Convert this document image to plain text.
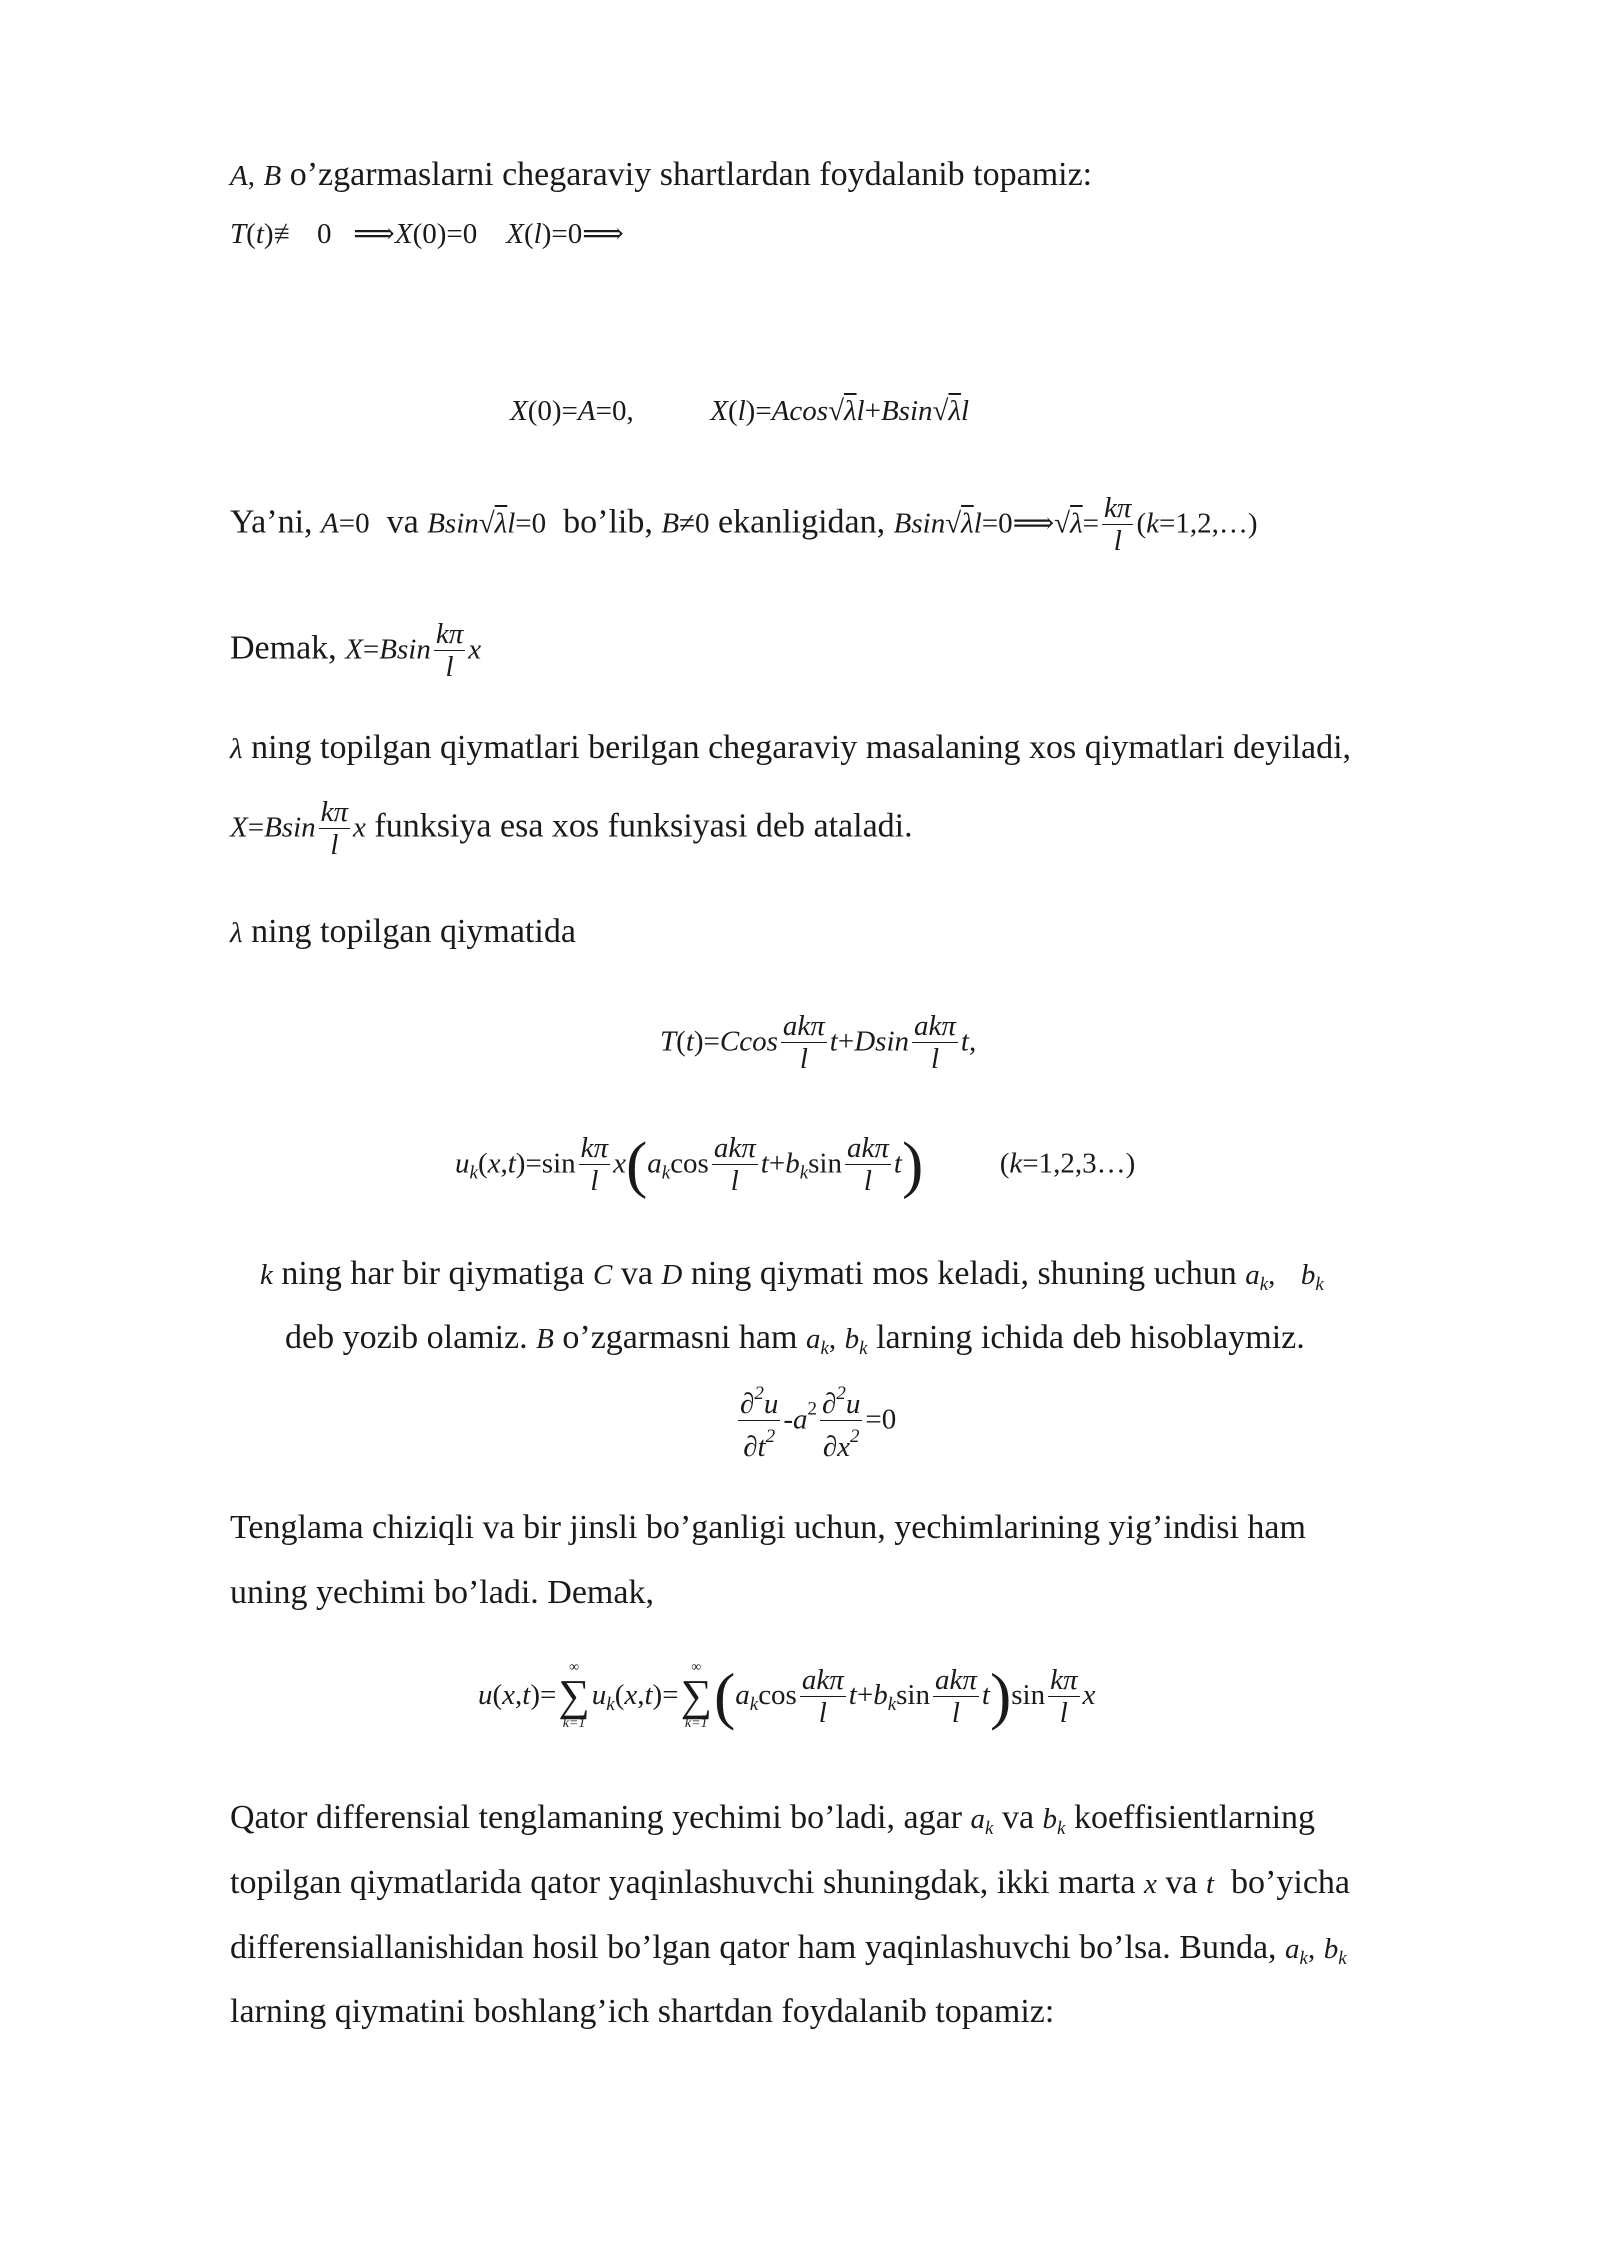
A, B o’zgarmaslarni chegaraviy shartlardan foydalanib topamiz:
T(t)≢  0   ⟹X(0)=0    X(l)=0⟹
X(0)=A=0,	X(l)=Acos√λl+Bsin√λl
Ya’ni, A=0 va Bsin√λl=0 bo’lib, B≠0 ekanligidan, Bsin√λl=0⟹√λ= $\frac{k\pi}{l}$ (k=1,2,…)
Demak, $X=Bsin \frac{k\pi}{l}$ x
λ ning topilgan qiymatlari berilgan chegaraviy masalaning xos qiymatlari deyiladi,
$X=Bsin \frac{k\pi}{l}$ x funksiya esa xos funksiyasi deb ataladi.
λ ning topilgan qiymatida
$T(t)=Ccos \frac{\text{akπ}}{l} t+Dsin \frac{\text{akπ}}{l} t$,
$uk(x,t)=\sin \frac{k\pi}{l} x(akcos \frac{\text{akπ}}{l} t+bksin \frac{\text{akπ}}{l} t)$	(k=1,2,3…)
k ning har bir qiymatiga C va D ning qiymati mos keladi, shuning uchun ak, bk
deb yozib olamiz. B o’zgarmasni ham ak, bk larning ichida deb hisoblaymiz.
$\frac{\partial^2u}{\partial t^2} -a^2 \frac{\partial^2u}{\partial x^2} =0$
Tenglama chiziqli va bir jinsli bo’ganligi uchun, yechimlarining yig’indisi ham
uning yechimi bo’ladi. Demak,
u(x,t)=∞
∑
k=1
uk(x,t)=∞
∑
k=1 $(akcos \frac{\text{akπ}}{l} t+bksin \frac{\text{akπ}}{l} t)\sin \frac{k\pi}{l}$ x
Qator differensial tenglamaning yechimi bo’ladi, agar ak va bk koeffisientlarning
topilgan qiymatlarida qator yaqinlashuvchi shuningdak, ikki marta x va t bo’yicha
differensiallanishidan hosil bo’lgan qator ham yaqinlashuvchi bo’lsa. Bunda, ak, bk
larning qiymatini boshlang’ich shartdan foydalanib topamiz:
